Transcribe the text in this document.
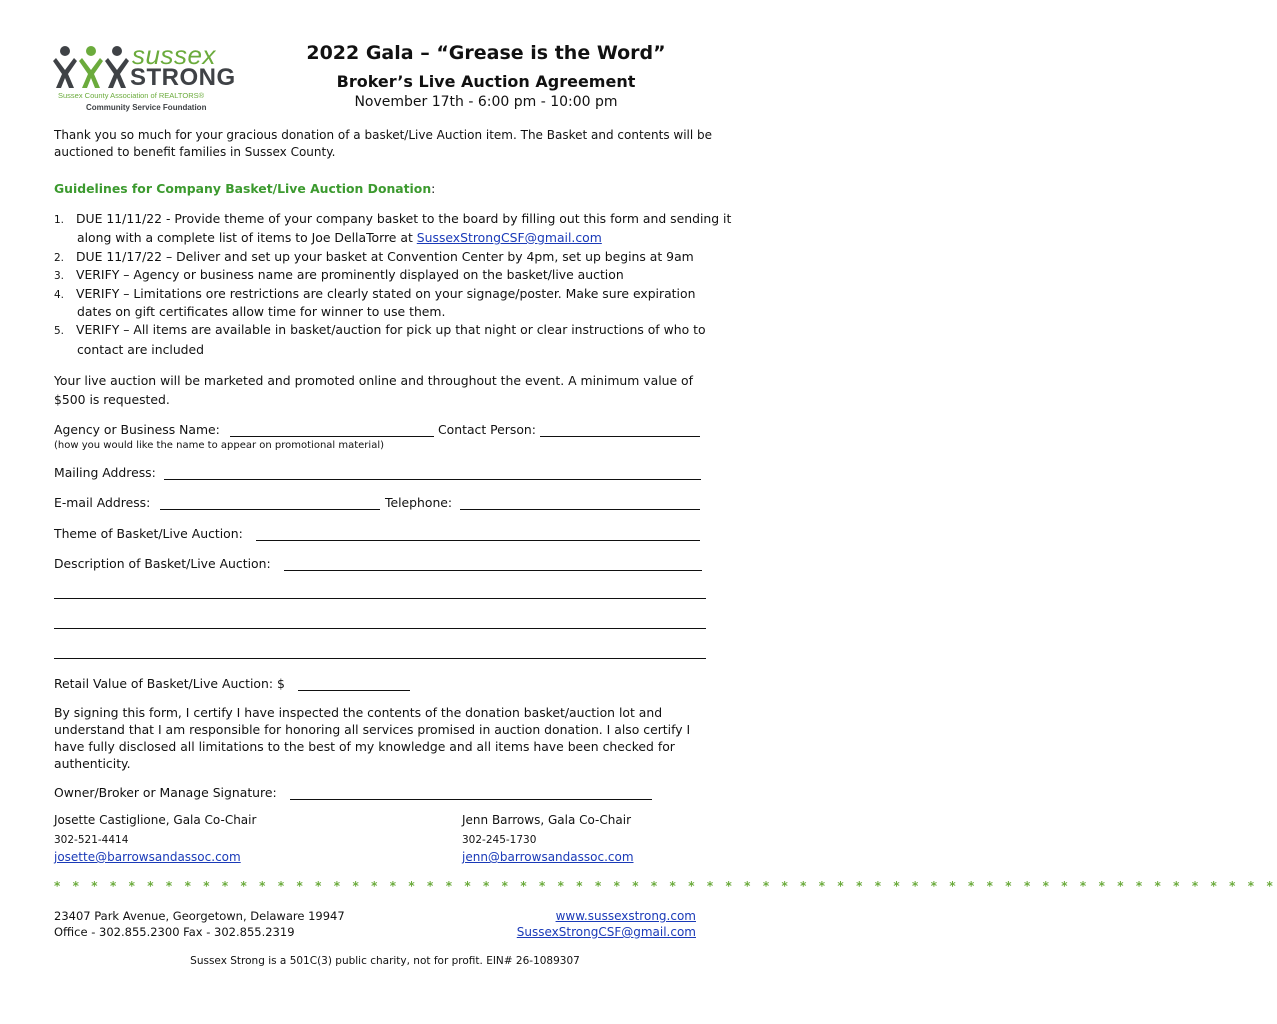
sussex
STRONG
Sussex County Association of REALTORS®
Community Service Foundation
2022 Gala – “Grease is the Word”
Broker’s Live Auction Agreement
November 17th - 6:00 pm - 10:00 pm
Thank you so much for your gracious donation of a basket/Live Auction item. The Basket and contents will be
auctioned to benefit families in Sussex County.
Guidelines for Company Basket/Live Auction Donation:
1. DUE 11/11/22 - Provide theme of your company basket to the board by filling out this form and sending it
along with a complete list of items to Joe DellaTorre at SussexStrongCSF@gmail.com
2. DUE 11/17/22 – Deliver and set up your basket at Convention Center by 4pm, set up begins at 9am
3. VERIFY – Agency or business name are prominently displayed on the basket/live auction
4. VERIFY – Limitations ore restrictions are clearly stated on your signage/poster. Make sure expiration
dates on gift certificates allow time for winner to use them.
5. VERIFY – All items are available in basket/auction for pick up that night or clear instructions of who to
contact are included
Your live auction will be marketed and promoted online and throughout the event. A minimum value of
$500 is requested.
Agency or Business Name:	Contact Person:
(how you would like the name to appear on promotional material)
Mailing Address:
E-mail Address:	Telephone:
Theme of Basket/Live Auction:
Description of Basket/Live Auction:
Retail Value of Basket/Live Auction: $
By signing this form, I certify I have inspected the contents of the donation basket/auction lot and
understand that I am responsible for honoring all services promised in auction donation. I also certify I
have fully disclosed all limitations to the best of my knowledge and all items have been checked for
authenticity.
Owner/Broker or Manage Signature:
Josette Castiglione, Gala Co-Chair
302-521-4414
josette@barrowsandassoc.com
Jenn Barrows, Gala Co-Chair
302-245-1730
jenn@barrowsandassoc.com
* * * * * * * * * * * * * * * * * * * * * * * * * * * * * * * * * * * * * * * * * * * * * * * * * * * * * * * * * * * * * * * * * *
23407 Park Avenue, Georgetown, Delaware 19947
Office - 302.855.2300 Fax - 302.855.2319
www.sussexstrong.com
SussexStrongCSF@gmail.com
Sussex Strong is a 501C(3) public charity, not for profit. EIN# 26-1089307
